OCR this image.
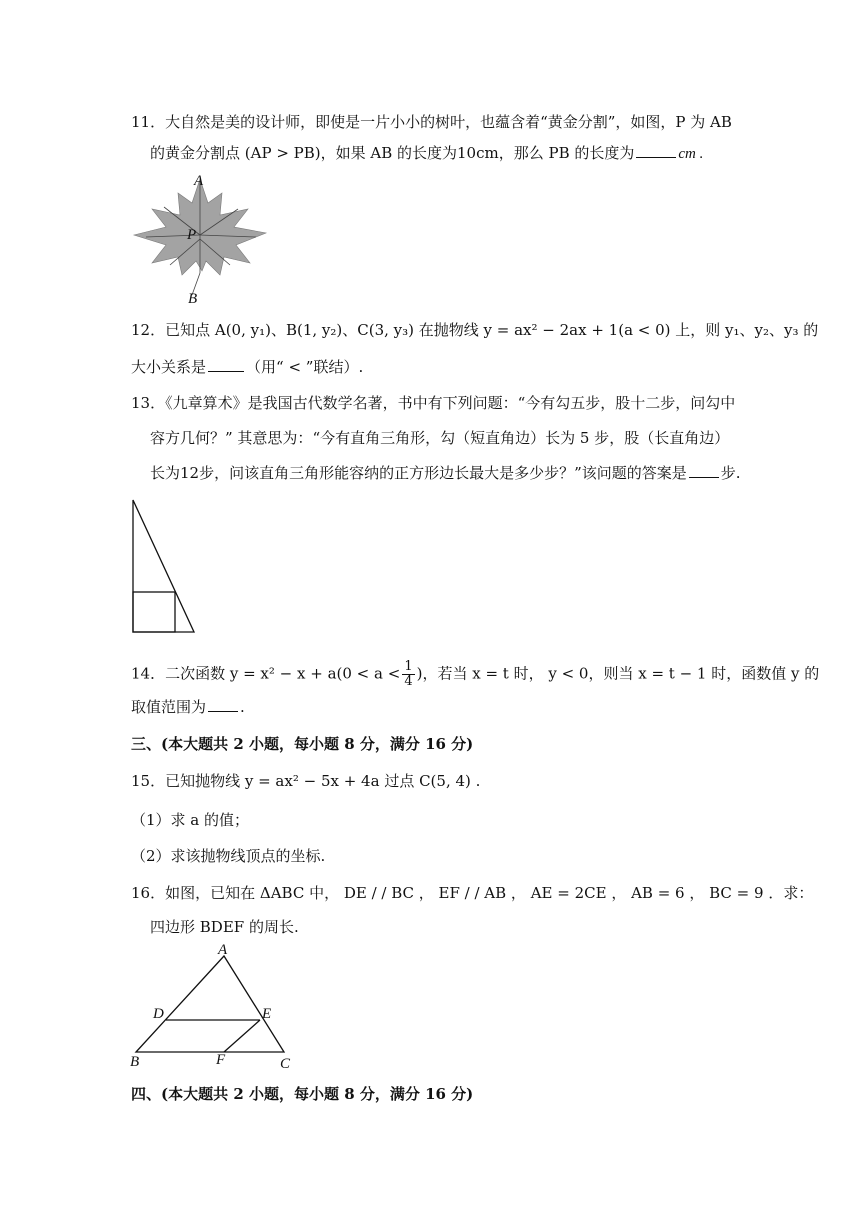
11．大自然是美的设计师，即使是一片小小的树叶，也蕴含着“黄金分割”，如图，P 为 AB
的黄金分割点 (AP > PB)，如果 AB 的长度为10cm，那么 PB 的长度为	cm .
A
P
B
12．已知点 A(0, y₁)、B(1, y₂)、C(3, y₃) 在抛物线 y = ax² − 2ax + 1(a < 0) 上，则 y₁、y₂、y₃ 的
大小关系是	（用“ < ”联结）.
13．《九章算术》是我国古代数学名著，书中有下列问题：“今有勾五步，股十二步，问勾中
容方几何？” 其意思为：“今有直角三角形，勾（短直角边）长为 5 步，股（长直角边）
长为12步，问该直角三角形能容纳的正方形边长最大是多少步？”该问题的答案是 步.
14．二次函数 $y = x^2 - x + a(0 < a < \frac{1}{4}$ )，若当 x = t 时， y < 0，则当 x = t − 1 时，函数值 y 的
取值范围为 .
三、(本大题共 2 小题，每小题 8 分，满分 16 分)
15．已知抛物线 y = ax² − 5x + 4a 过点 C(5, 4) .
（1）求 a 的值；
（2）求该抛物线顶点的坐标.
16．如图，已知在 ΔABC 中， DE / / BC ， EF / / AB ， AE = 2CE ， AB = 6 ， BC = 9 ．求：
四边形 BDEF 的周长.
A
D	E
B	F	C
四、(本大题共 2 小题，每小题 8 分，满分 16 分)
